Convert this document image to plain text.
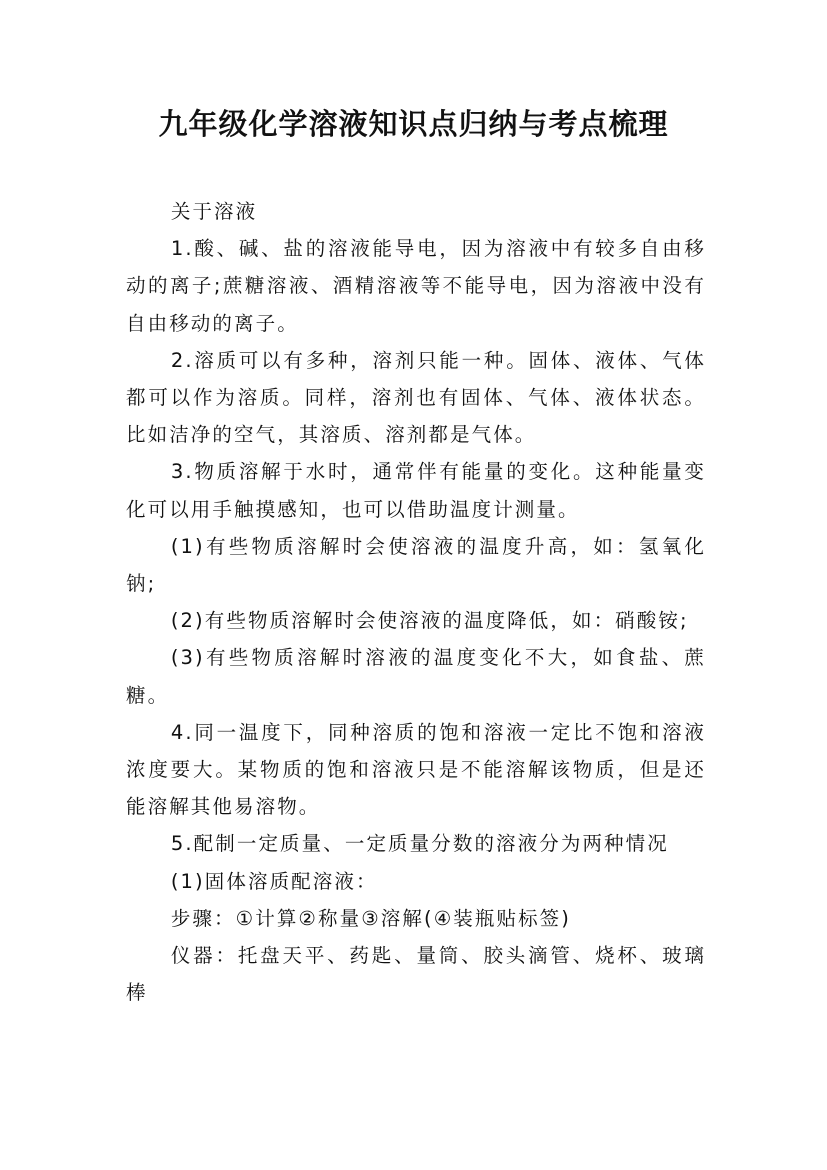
九年级化学溶液知识点归纳与考点梳理

关于溶液

1.酸、碱、盐的溶液能导电，因为溶液中有较多自由移动的离子;蔗糖溶液、酒精溶液等不能导电，因为溶液中没有自由移动的离子。

2.溶质可以有多种，溶剂只能一种。固体、液体、气体都可以作为溶质。同样，溶剂也有固体、气体、液体状态。比如洁净的空气，其溶质、溶剂都是气体。

3.物质溶解于水时，通常伴有能量的变化。这种能量变化可以用手触摸感知，也可以借助温度计测量。

(1)有些物质溶解时会使溶液的温度升高，如：氢氧化钠;

(2)有些物质溶解时会使溶液的温度降低，如：硝酸铵;

(3)有些物质溶解时溶液的温度变化不大，如食盐、蔗糖。

4.同一温度下，同种溶质的饱和溶液一定比不饱和溶液浓度要大。某物质的饱和溶液只是不能溶解该物质，但是还能溶解其他易溶物。

5.配制一定质量、一定质量分数的溶液分为两种情况

(1)固体溶质配溶液：

步骤：①计算②称量③溶解(④装瓶贴标签)

仪器：托盘天平、药匙、量筒、胶头滴管、烧杯、玻璃棒
